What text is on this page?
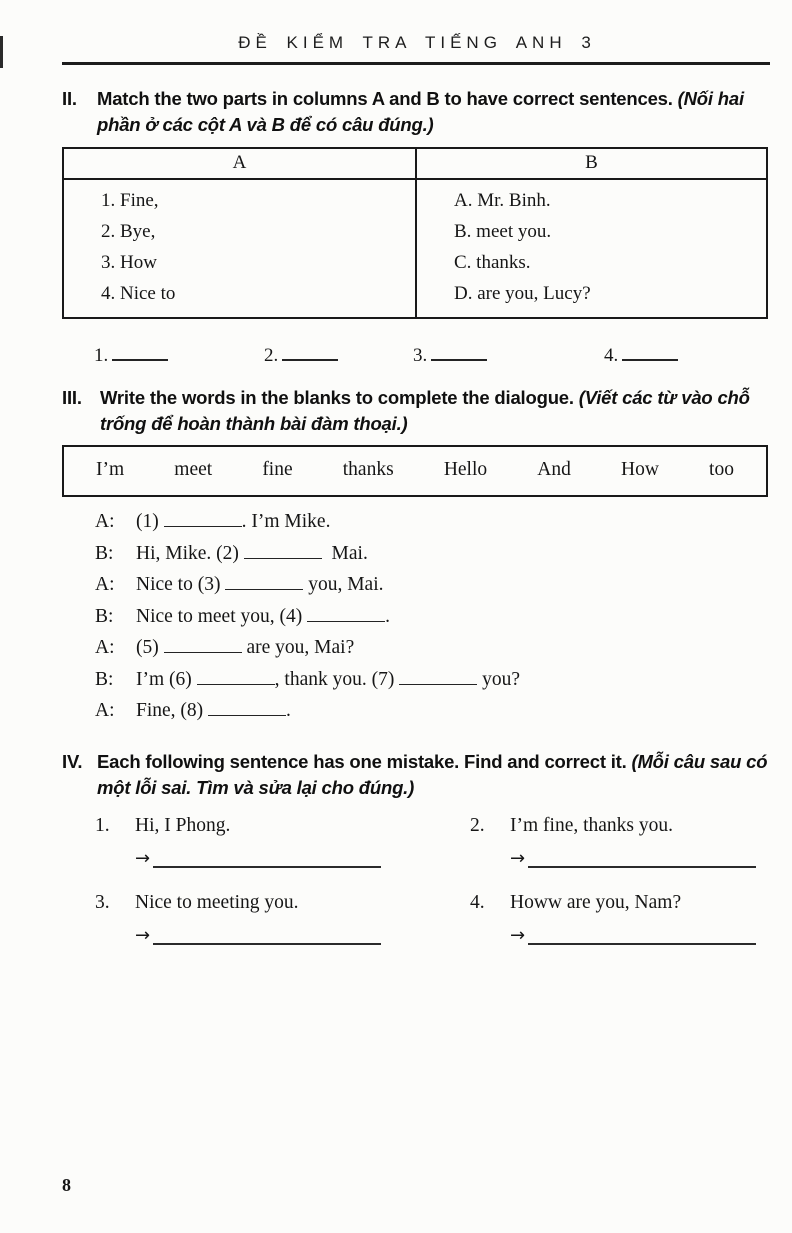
ĐỀ KIỂM TRA TIẾNG ANH 3
II.	Match the two parts in columns A and B to have correct sentences. (Nối hai phần ở các cột A và B để có câu đúng.)
A	B
1. Fine,
2. Bye,
3. How
4. Nice to
A. Mr. Binh.
B. meet you.
C. thanks.
D. are you, Lucy?
1.	2.	3.	4.
III. Write the words in the blanks to complete the dialogue. (Viết các từ vào chỗ trống để hoàn thành bài đàm thoại.)
I’m	meet	fine	thanks	Hello	And	How	too
A:	(1)	. I’m Mike.
B:	Hi, Mike. (2)	Mai.
A:	Nice to (3)	you, Mai.
B:	Nice to meet you, (4)	.
A:	(5)	are you, Mai?
B:	I’m (6)	, thank you. (7)	you?
A:	Fine, (8)	.
IV. Each following sentence has one mistake. Find and correct it. (Mỗi câu sau có một lỗi sai. Tìm và sửa lại cho đúng.)
1.	Hi, I Phong.
→
2.	I’m fine, thanks you.
→
3.	Nice to meeting you.
→
4.	Howw are you, Nam?
→
8
